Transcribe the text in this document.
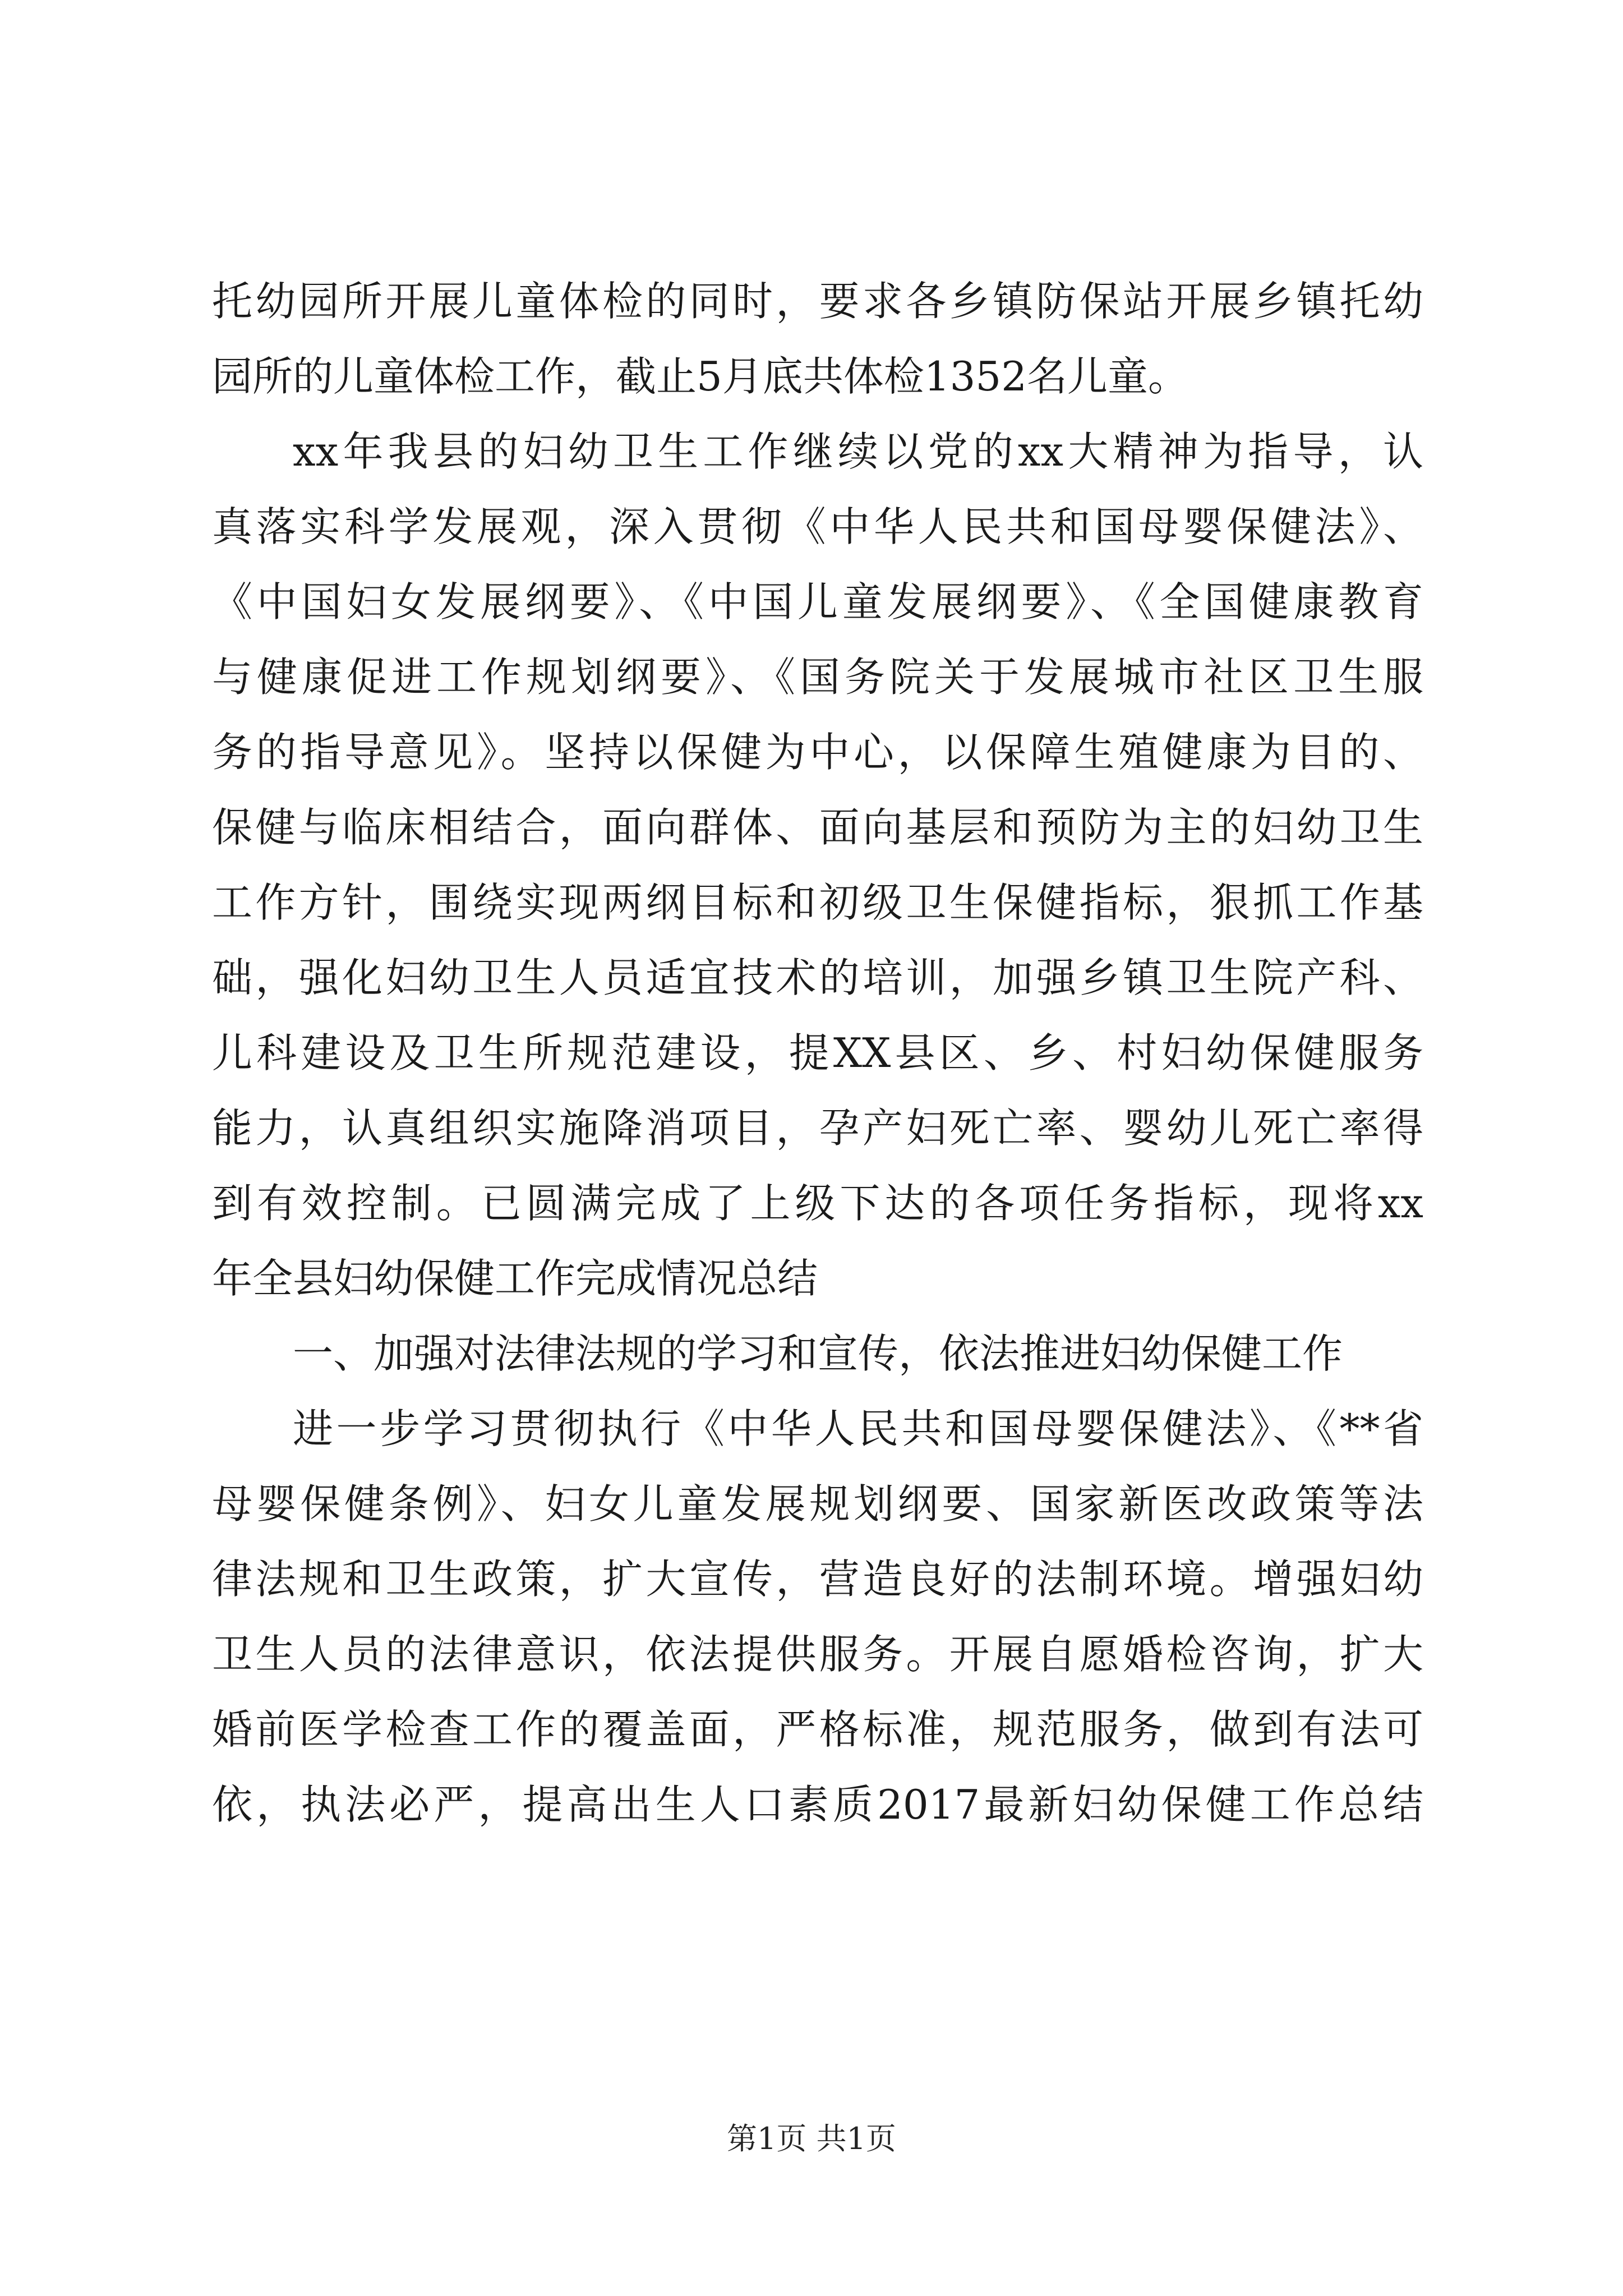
托幼园所开展儿童体检的同时，要求各乡镇防保站开展乡镇托幼
园所的儿童体检工作，截止5月底共体检1352名儿童。
xx年我县的妇幼卫生工作继续以党的xx大精神为指导，认
真落实科学发展观，深入贯彻《中华人民共和国母婴保健法》、
《中国妇女发展纲要》、《中国儿童发展纲要》、《全国健康教育
与健康促进工作规划纲要》、《国务院关于发展城市社区卫生服
务的指导意见》。坚持以保健为中心，以保障生殖健康为目的、
保健与临床相结合，面向群体、面向基层和预防为主的妇幼卫生
工作方针，围绕实现两纲目标和初级卫生保健指标，狠抓工作基
础，强化妇幼卫生人员适宜技术的培训，加强乡镇卫生院产科、
儿科建设及卫生所规范建设，提XX县区、乡、村妇幼保健服务
能力，认真组织实施降消项目，孕产妇死亡率、婴幼儿死亡率得
到有效控制。已圆满完成了上级下达的各项任务指标，现将xx
年全县妇幼保健工作完成情况总结
一、加强对法律法规的学习和宣传，依法推进妇幼保健工作
进一步学习贯彻执行《中华人民共和国母婴保健法》、《**省
母婴保健条例》、妇女儿童发展规划纲要、国家新医改政策等法
律法规和卫生政策，扩大宣传，营造良好的法制环境。增强妇幼
卫生人员的法律意识，依法提供服务。开展自愿婚检咨询，扩大
婚前医学检查工作的覆盖面，严格标准，规范服务，做到有法可
依，执法必严，提高出生人口素质2017最新妇幼保健工作总结
第1页 共1页
